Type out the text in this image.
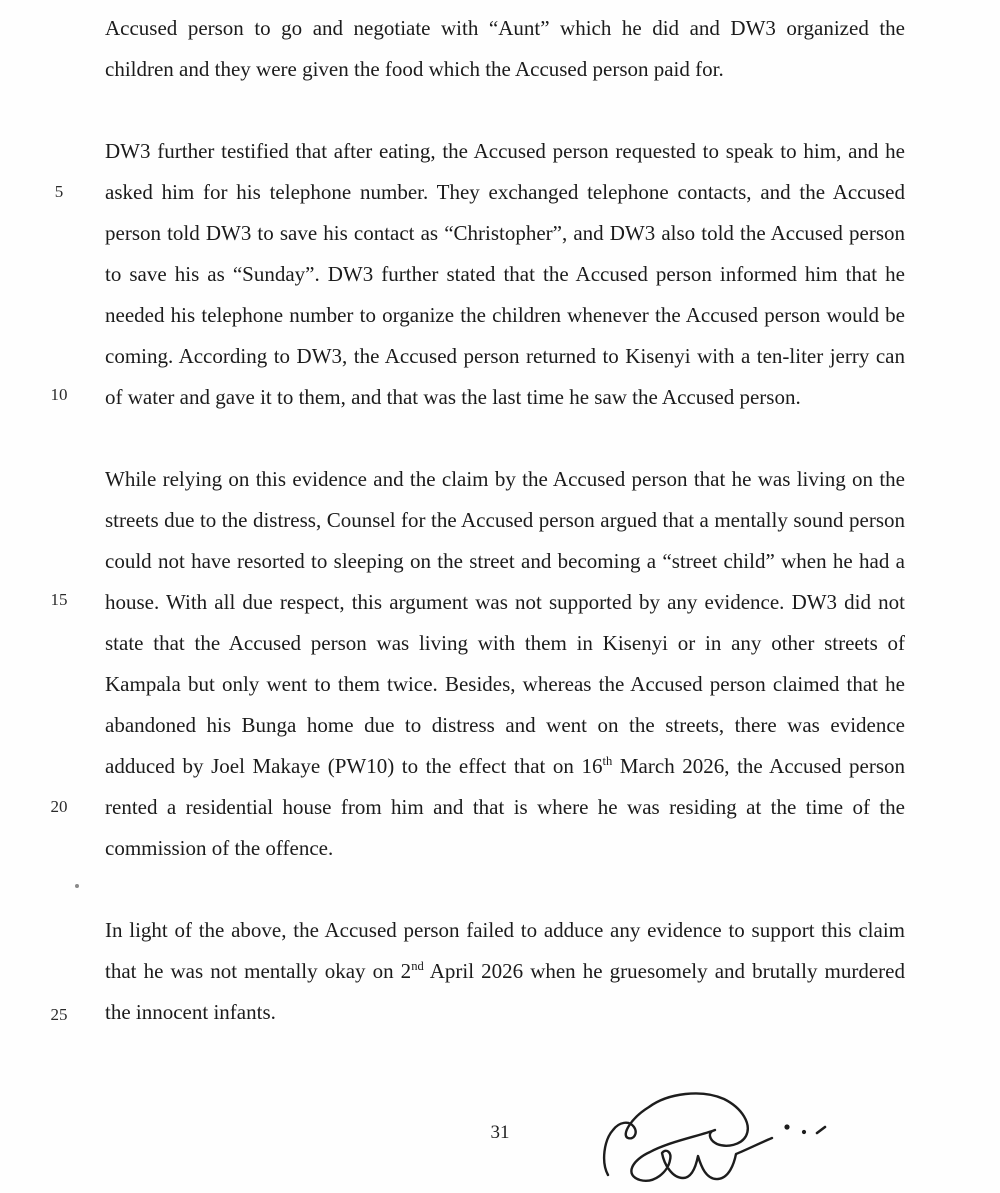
5
10
15
20
25

Accused person to go and negotiate with “Aunt” which he did and DW3 organized the children and they were given the food which the Accused person paid for.

DW3 further testified that after eating, the Accused person requested to speak to him, and he asked him for his telephone number. They exchanged telephone contacts, and the Accused person told DW3 to save his contact as “Christopher”, and DW3 also told the Accused person to save his as “Sunday”. DW3 further stated that the Accused person informed him that he needed his telephone number to organize the children whenever the Accused person would be coming. According to DW3, the Accused person returned to Kisenyi with a ten-liter jerry can of water and gave it to them, and that was the last time he saw the Accused person.

While relying on this evidence and the claim by the Accused person that he was living on the streets due to the distress, Counsel for the Accused person argued that a mentally sound person could not have resorted to sleeping on the street and becoming a “street child” when he had a house. With all due respect, this argument was not supported by any evidence. DW3 did not state that the Accused person was living with them in Kisenyi or in any other streets of Kampala but only went to them twice. Besides, whereas the Accused person claimed that he abandoned his Bunga home due to distress and went on the streets, there was evidence adduced by Joel Makaye (PW10) to the effect that on 16th March 2026, the Accused person rented a residential house from him and that is where he was residing at the time of the commission of the offence.

In light of the above, the Accused person failed to adduce any evidence to support this claim that he was not mentally okay on 2nd April 2026 when he gruesomely and brutally murdered the innocent infants.

31
